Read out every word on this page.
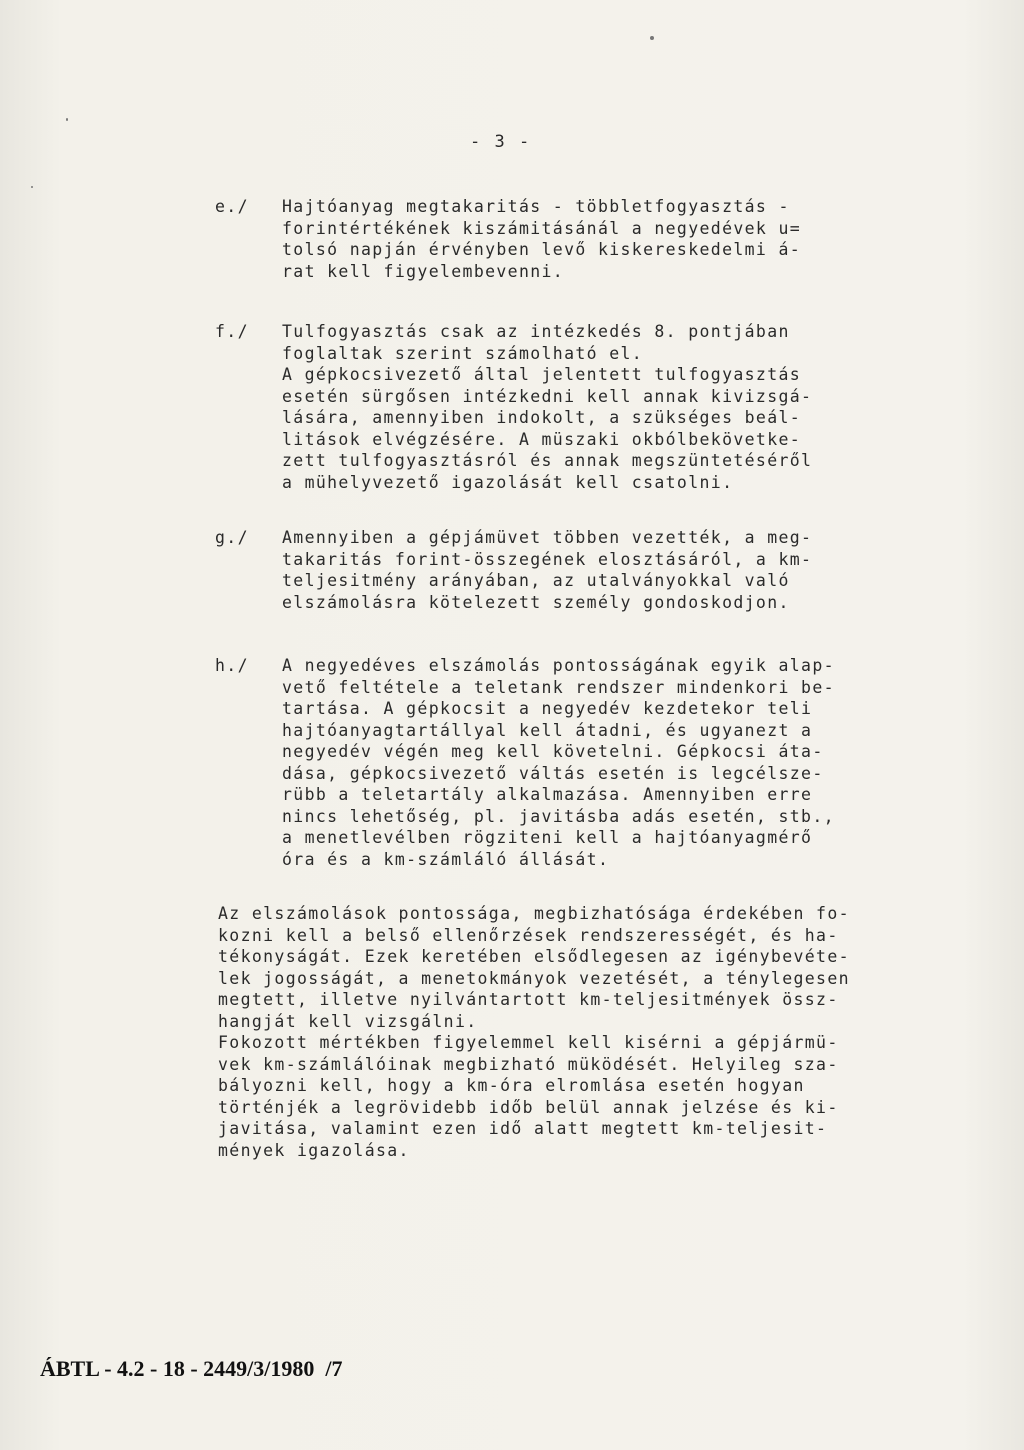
- 3 -
e./	Hajtóanyag megtakaritás - többletfogyasztás -
forintértékének kiszámitásánál a negyedévek u=
tolsó napján érvényben levő kiskereskedelmi á-
rat kell figyelembevenni.
f./	Tulfogyasztás csak az intézkedés 8. pontjában
foglaltak szerint számolható el.
A gépkocsivezető által jelentett tulfogyasztás
esetén sürgősen intézkedni kell annak kivizsgá-
lására, amennyiben indokolt, a szükséges beál-
litások elvégzésére. A müszaki okbólbekövetke-
zett tulfogyasztásról és annak megszüntetéséről
a mühelyvezető igazolását kell csatolni.
g./	Amennyiben a gépjámüvet többen vezették, a meg-
takaritás forint-összegének elosztásáról, a km-
teljesitmény arányában, az utalványokkal való
elszámolásra kötelezett személy gondoskodjon.
h./	A negyedéves elszámolás pontosságának egyik alap-
vető feltétele a teletank rendszer mindenkori be-
tartása. A gépkocsit a negyedév kezdetekor teli
hajtóanyagtartállyal kell átadni, és ugyanezt a
negyedév végén meg kell követelni. Gépkocsi áta-
dása, gépkocsivezető váltás esetén is legcélsze-
rübb a teletartály alkalmazása. Amennyiben erre
nincs lehetőség, pl. javitásba adás esetén, stb.,
a menetlevélben rögziteni kell a hajtóanyagmérő
óra és a km-számláló állását.
Az elszámolások pontossága, megbizhatósága érdekében fo-
kozni kell a belső ellenőrzések rendszerességét, és ha-
tékonyságát. Ezek keretében elsődlegesen az igénybevéte-
lek jogosságát, a menetokmányok vezetését, a ténylegesen
megtett, illetve nyilvántartott km-teljesitmények össz-
hangját kell vizsgálni.
Fokozott mértékben figyelemmel kell kisérni a gépjármü-
vek km-számlálóinak megbizható müködését. Helyileg sza-
bályozni kell, hogy a km-óra elromlása esetén hogyan
történjék a legrövidebb időb belül annak jelzése és ki-
javitása, valamint ezen idő alatt megtett km-teljesit-
mények igazolása.
ÁBTL - 4.2 - 18 - 2449/3/1980  /7
